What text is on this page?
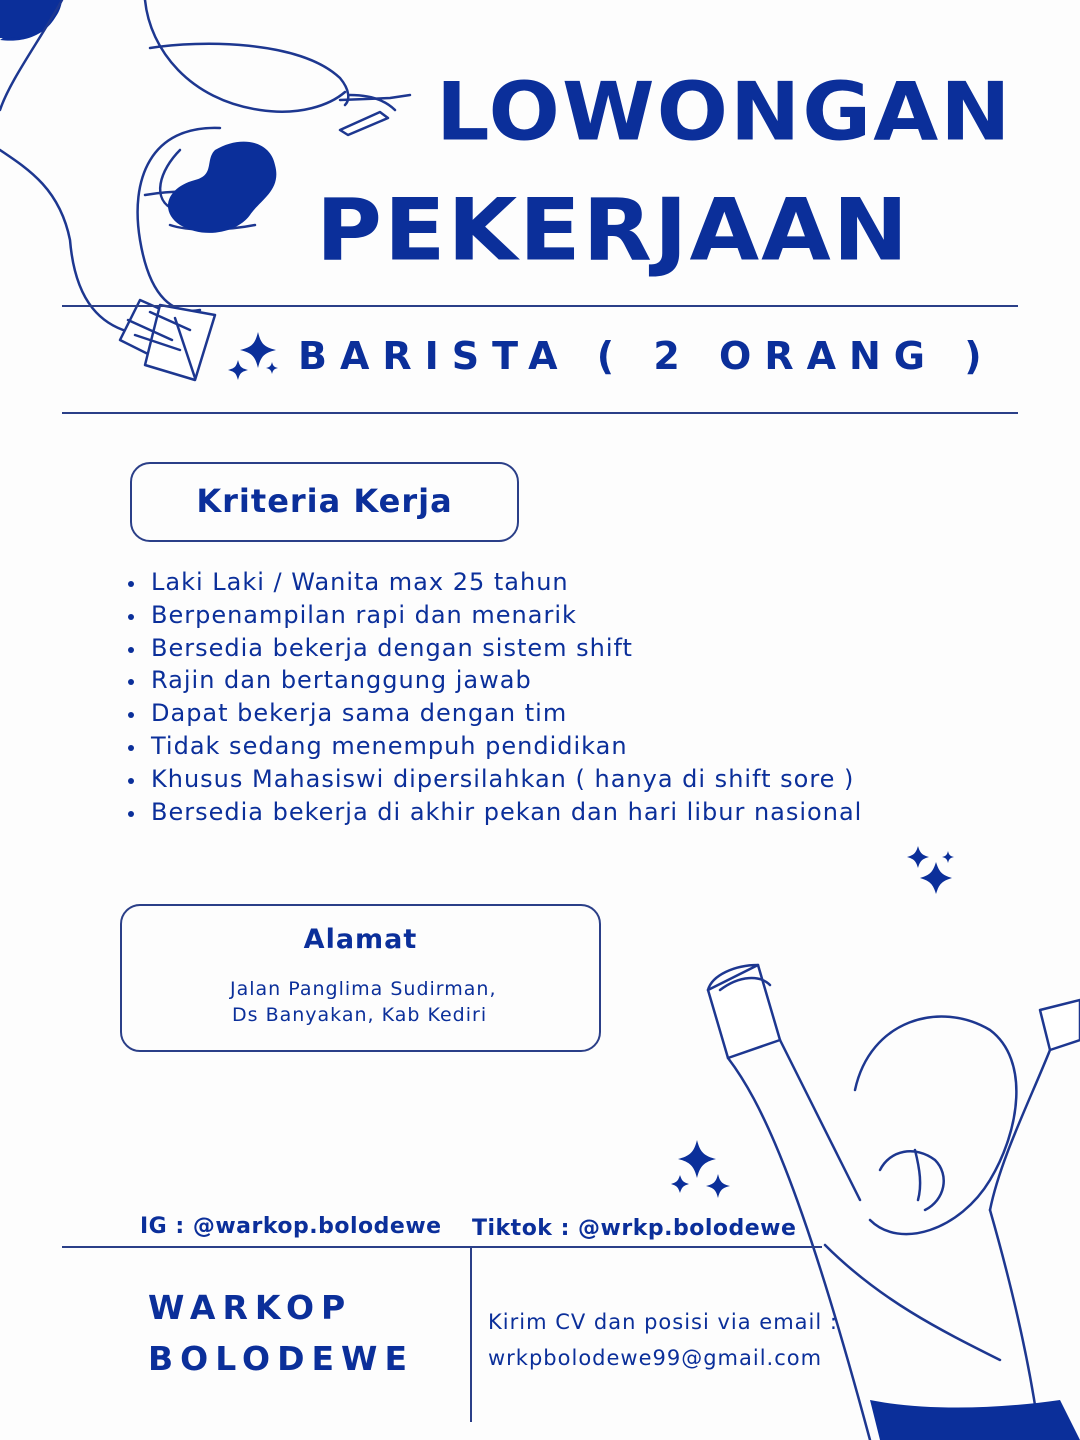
LOWONGAN
PEKERJAAN
BARISTA ( 2 ORANG )
Kriteria Kerja
Laki Laki / Wanita max 25 tahun
Berpenampilan rapi dan menarik
Bersedia bekerja dengan sistem shift
Rajin dan bertanggung jawab
Dapat bekerja sama dengan tim
Tidak sedang menempuh pendidikan
Khusus Mahasiswi dipersilahkan ( hanya di shift sore )
Bersedia bekerja di akhir pekan dan hari libur nasional
Alamat
Jalan Panglima Sudirman,
Ds Banyakan, Kab Kediri
IG : @warkop.bolodewe Tiktok : @wrkp.bolodewe
WARKOP
BOLODEWE
Kirim CV dan posisi via email :
wrkpbolodewe99@gmail.com
